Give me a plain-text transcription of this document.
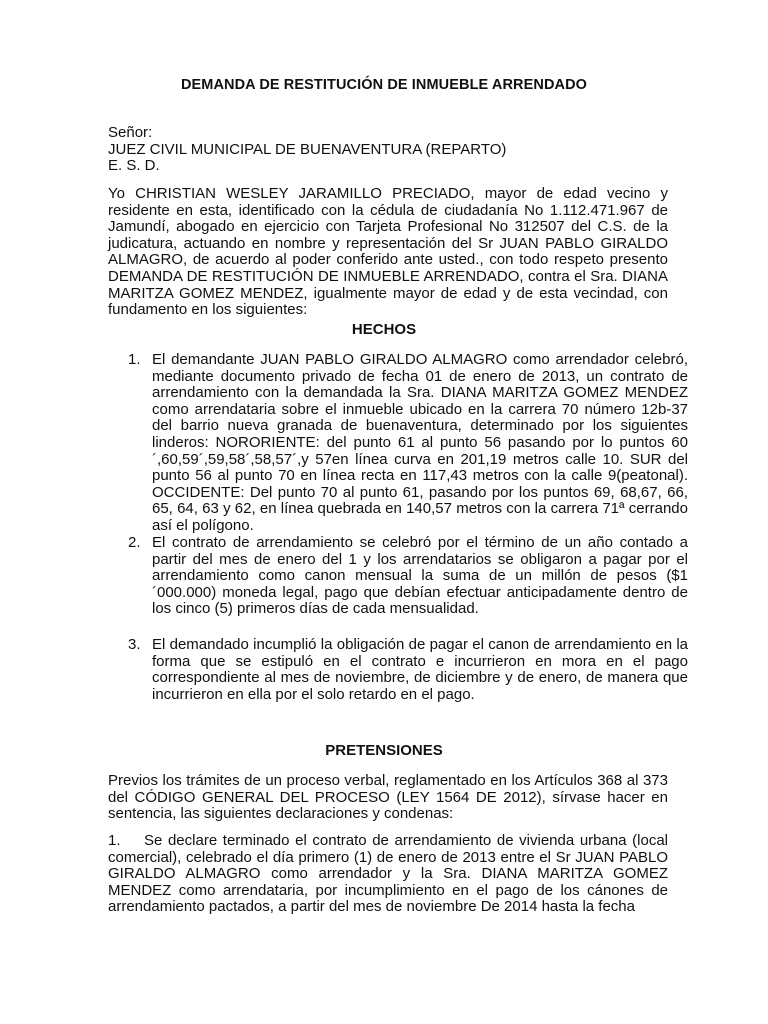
DEMANDA DE RESTITUCIÓN DE INMUEBLE ARRENDADO
Señor:
JUEZ CIVIL MUNICIPAL DE BUENAVENTURA (REPARTO)
E. S. D.
Yo CHRISTIAN WESLEY JARAMILLO PRECIADO, mayor de edad vecino y residente en esta, identificado con la cédula de ciudadanía No 1.112.471.967 de Jamundí, abogado en ejercicio con Tarjeta Profesional No 312507 del C.S. de la judicatura, actuando en nombre y representación del Sr JUAN PABLO GIRALDO ALMAGRO, de acuerdo al poder conferido ante usted., con todo respeto presento DEMANDA DE RESTITUCIÓN DE INMUEBLE ARRENDADO, contra el Sra. DIANA MARITZA GOMEZ MENDEZ, igualmente mayor de edad y de esta vecindad, con fundamento en los siguientes:
HECHOS
1. El demandante JUAN PABLO GIRALDO ALMAGRO como arrendador celebró, mediante documento privado de fecha 01 de enero de 2013, un contrato de arrendamiento con la demandada la Sra. DIANA MARITZA GOMEZ MENDEZ como arrendataria sobre el inmueble ubicado en la carrera 70 número 12b-37 del barrio nueva granada de buenaventura, determinado por los siguientes linderos: NORORIENTE: del punto 61 al punto 56 pasando por lo puntos 60´,60,59´,59,58´,58,57´,y 57en línea curva en 201,19 metros calle 10. SUR del punto 56 al punto 70 en línea recta en 117,43 metros con la calle 9(peatonal). OCCIDENTE: Del punto 70 al punto 61, pasando por los puntos 69, 68,67, 66, 65, 64, 63 y 62, en línea quebrada en 140,57 metros con la carrera 71ª cerrando así el polígono.
2. El contrato de arrendamiento se celebró por el término de un año contado a partir del mes de enero del 1 y los arrendatarios se obligaron a pagar por el arrendamiento como canon mensual la suma de un millón de pesos ($1 ´000.000) moneda legal, pago que debían efectuar anticipadamente dentro de los cinco (5) primeros días de cada mensualidad.
3. El demandado incumplió la obligación de pagar el canon de arrendamiento en la forma que se estipuló en el contrato e incurrieron en mora en el pago correspondiente al mes de noviembre, de diciembre y de enero, de manera que incurrieron en ella por el solo retardo en el pago.
PRETENSIONES
Previos los trámites de un proceso verbal, reglamentado en los Artículos 368 al 373 del CÓDIGO GENERAL DEL PROCESO (LEY 1564 DE 2012), sírvase hacer en sentencia, las siguientes declaraciones y condenas:
1. Se declare terminado el contrato de arrendamiento de vivienda urbana (local comercial), celebrado el día primero (1) de enero de 2013 entre el Sr JUAN PABLO GIRALDO ALMAGRO como arrendador y la Sra. DIANA MARITZA GOMEZ MENDEZ como arrendataria, por incumplimiento en el pago de los cánones de arrendamiento pactados, a partir del mes de noviembre De 2014 hasta la fecha
